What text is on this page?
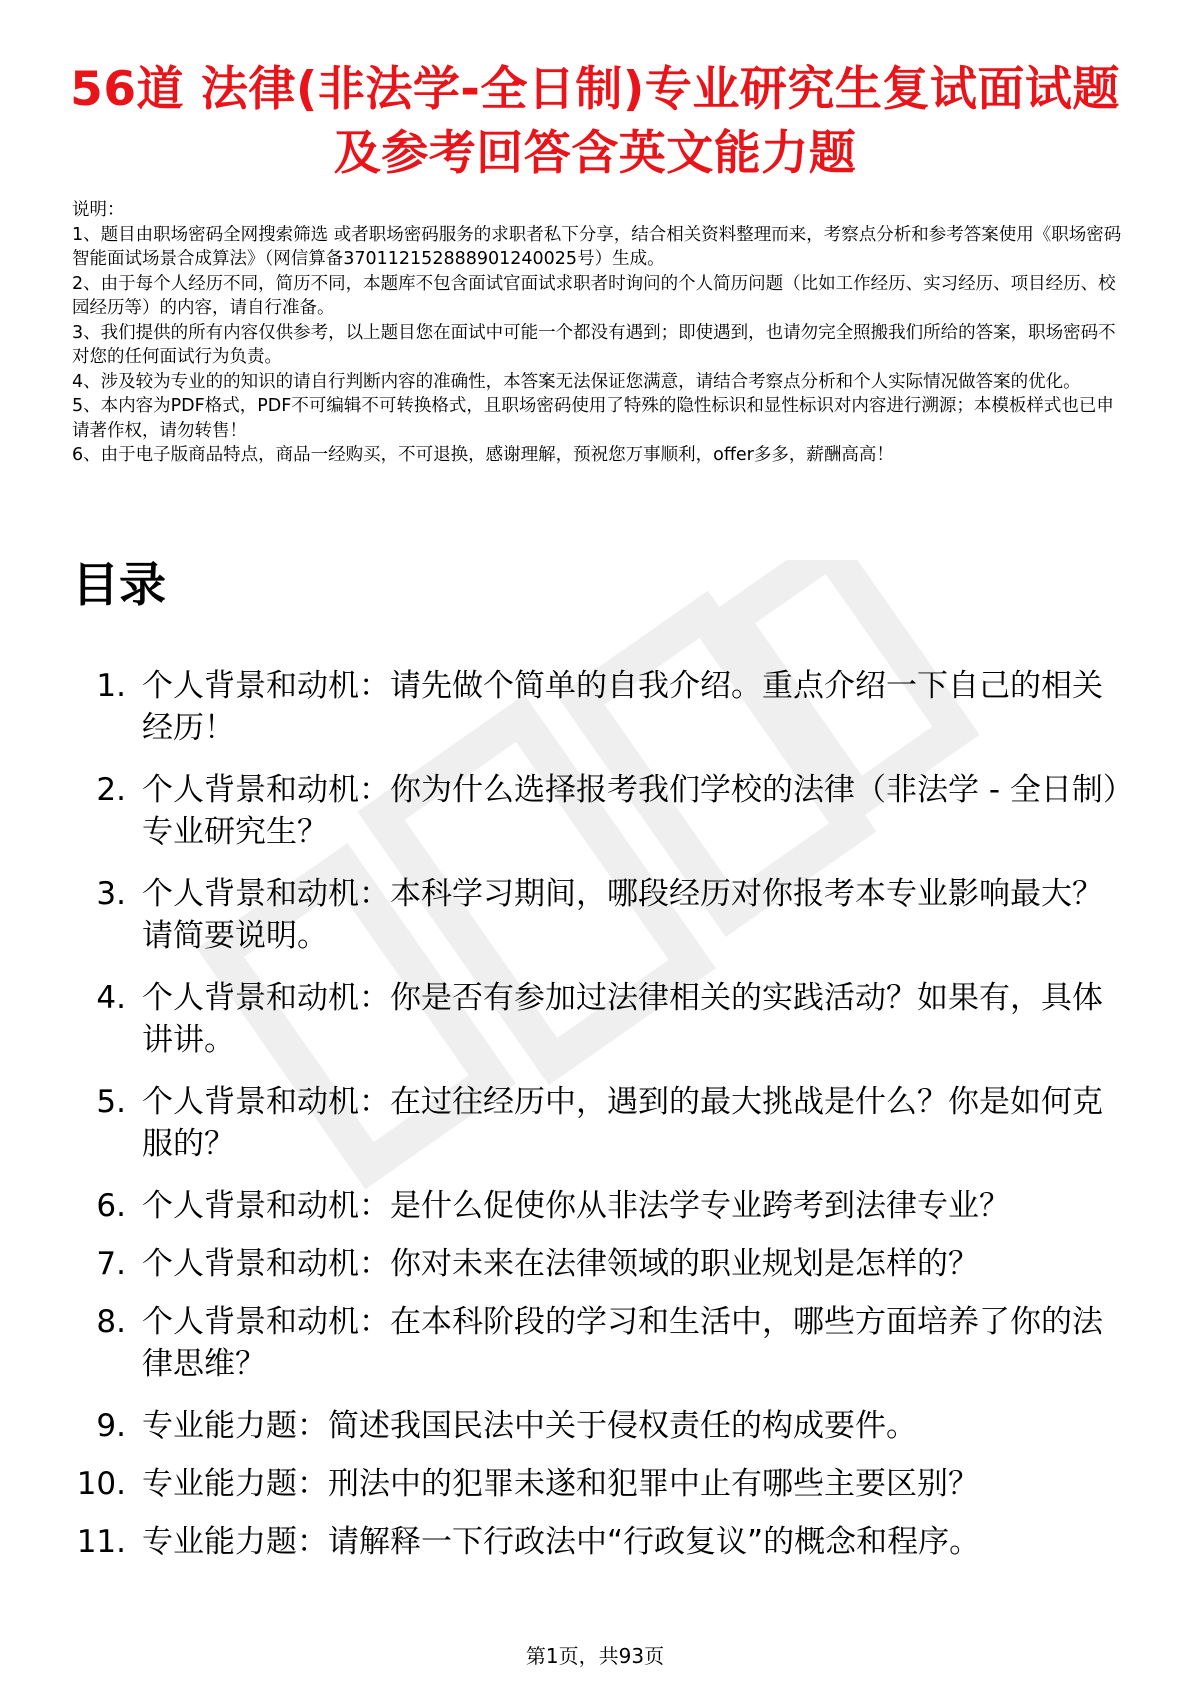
56道 法律(非法学-全日制)专业研究生复试面试题及参考回答含英文能力题

说明：

1、题目由职场密码全网搜索筛选 或者职场密码服务的求职者私下分享，结合相关资料整理而来，考察点分析和参考答案使用《职场密码智能面试场景合成算法》（网信算备370112152888901240025号）生成。

2、由于每个人经历不同，简历不同，本题库不包含面试官面试求职者时询问的个人简历问题（比如工作经历、实习经历、项目经历、校园经历等）的内容，请自行准备。

3、我们提供的所有内容仅供参考，以上题目您在面试中可能一个都没有遇到；即使遇到，也请勿完全照搬我们所给的答案，职场密码不对您的任何面试行为负责。

4、涉及较为专业的的知识的请自行判断内容的准确性，本答案无法保证您满意，请结合考察点分析和个人实际情况做答案的优化。

5、本内容为PDF格式，PDF不可编辑不可转换格式，且职场密码使用了特殊的隐性标识和显性标识对内容进行溯源；本模板样式也已申请著作权，请勿转售！

6、由于电子版商品特点，商品一经购买，不可退换，感谢理解，预祝您万事顺利，offer多多，薪酬高高！

目录
1. 个人背景和动机：请先做个简单的自我介绍。重点介绍一下自己的相关经历！
2. 个人背景和动机：你为什么选择报考我们学校的法律（非法学 - 全日制）专业研究生？
3. 个人背景和动机：本科学习期间，哪段经历对你报考本专业影响最大？请简要说明。
4. 个人背景和动机：你是否有参加过法律相关的实践活动？如果有，具体讲讲。
5. 个人背景和动机：在过往经历中，遇到的最大挑战是什么？你是如何克服的？
6. 个人背景和动机：是什么促使你从非法学专业跨考到法律专业？
7. 个人背景和动机：你对未来在法律领域的职业规划是怎样的？
8. 个人背景和动机：在本科阶段的学习和生活中，哪些方面培养了你的法律思维？
9. 专业能力题：简述我国民法中关于侵权责任的构成要件。
10. 专业能力题：刑法中的犯罪未遂和犯罪中止有哪些主要区别？
11. 专业能力题：请解释一下行政法中“行政复议”的概念和程序。
第1页，共93页
